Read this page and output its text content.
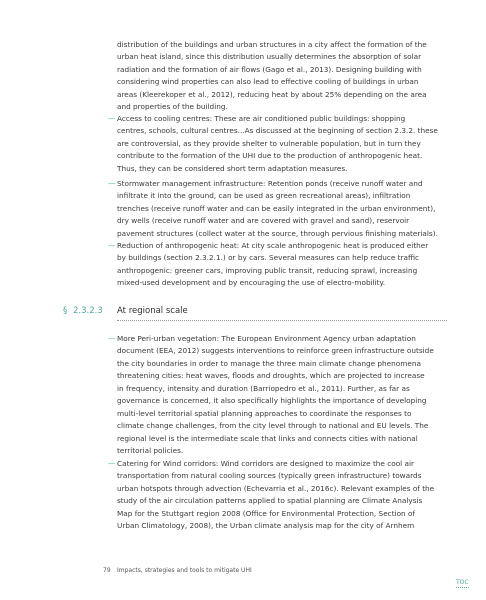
distribution of the buildings and urban structures in a city affect the formation of the

urban heat island, since this distribution usually determines the absorption of solar

radiation and the formation of air flows (Gago et al., 2013). Designing building with

considering wind properties can also lead to effective cooling of buildings in urban

areas (Kleerekoper et al., 2012), reducing heat by about 25% depending on the area

and properties of the building.

— Access to cooling centres: These are air conditioned public buildings: shopping

centres, schools, cultural centres...As discussed at the beginning of section 2.3.2. these

are controversial, as they provide shelter to vulnerable population, but in turn they

contribute to the formation of the UHI due to the production of anthropogenic heat.

Thus, they can be considered short term adaptation measures.

— Stormwater management infrastructure: Retention ponds (receive runoff water and

infiltrate it into the ground, can be used as green recreational areas), infiltration

trenches (receive runoff water and can be easily integrated in the urban environment),

dry wells (receive runoff water and are covered with gravel and sand), reservoir

pavement structures (collect water at the source, through pervious finishing materials).

— Reduction of anthropogenic heat: At city scale anthropogenic heat is produced either

by buildings (section 2.3.2.1.) or by cars. Several measures can help reduce traffic

anthropogenic: greener cars, improving public transit, reducing sprawl, increasing

mixed-used development and by encouraging the use of electro-mobility.

§ 2.3.2.3 At regional scale
— More Peri-urban vegetation: The European Environment Agency urban adaptation

document (EEA, 2012) suggests interventions to reinforce green infrastructure outside

the city boundaries in order to manage the three main climate change phenomena

threatening cities: heat waves, floods and droughts, which are projected to increase

in frequency, intensity and duration (Barriopedro et al., 2011). Further, as far as

governance is concerned, it also specifically highlights the importance of developing

multi-level territorial spatial planning approaches to coordinate the responses to

climate change challenges, from the city level through to national and EU levels. The

regional level is the intermediate scale that links and connects cities with national

territorial policies.

— Catering for Wind corridors: Wind corridors are designed to maximize the cool air

transportation from natural cooling sources (typically green infrastructure) towards

urban hotspots through advection (Echevarria et al., 2016c). Relevant examples of the

study of the air circulation patterns applied to spatial planning are Climate Analysis

Map for the Stuttgart region 2008 (Office for Environmental Protection, Section of

Urban Climatology, 2008), the Urban climate analysis map for the city of Arnhem

79 Impacts, strategies and tools to mitigate UHI
TOC
